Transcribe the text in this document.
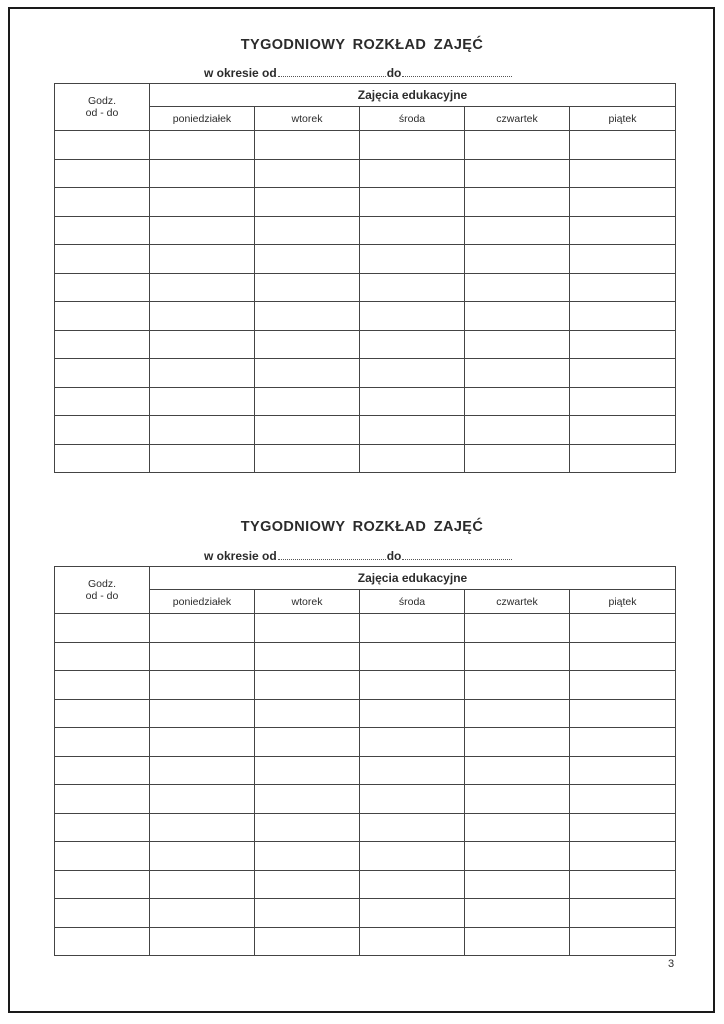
TYGODNIOWY ROZKŁAD ZAJĘĆ
w okresie od	do
Godz.
od - do	Zajęcia edukacyjne				
	poniedziałek	wtorek	środa	czwartek	piątek

TYGODNIOWY ROZKŁAD ZAJĘĆ
w okresie od	do
Godz.
od - do	Zajęcia edukacyjne				
	poniedziałek	wtorek	środa	czwartek	piątek

3
